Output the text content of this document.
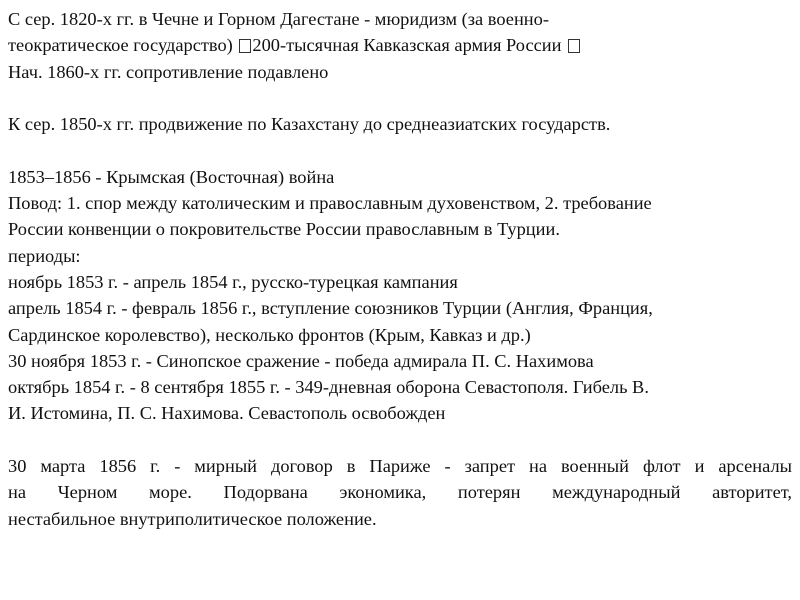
С сер. 1820-х гг. в Чечне и Горном Дагестане - мюридизм (за военно-
теократическое государство) 200-тысячная Кавказская армия России
Нач. 1860-х гг. сопротивление подавлено
К сер. 1850-х гг. продвижение по Казахстану до среднеазиатских государств.
1853–1856 - Крымская (Восточная) война
Повод: 1. спор между католическим и православным духовенством, 2. требование
России конвенции о покровительстве России православным в Турции.
периоды:
ноябрь 1853 г. - апрель 1854 г., русско-турецкая кампания
апрель 1854 г. - февраль 1856 г., вступление союзников Турции (Англия, Франция,
Сардинское королевство), несколько фронтов (Крым, Кавказ и др.)
30 ноября 1853 г. - Синопское сражение - победа адмирала П. С. Нахимова
октябрь 1854 г. - 8 сентября 1855 г. - 349-дневная оборона Севастополя. Гибель В.
И. Истомина, П. С. Нахимова. Севастополь освобожден
30 марта 1856 г. - мирный договор в Париже - запрет на военный флот и арсеналы
на Черном море. Подорвана экономика, потерян международный авторитет,
нестабильное внутриполитическое положение.
